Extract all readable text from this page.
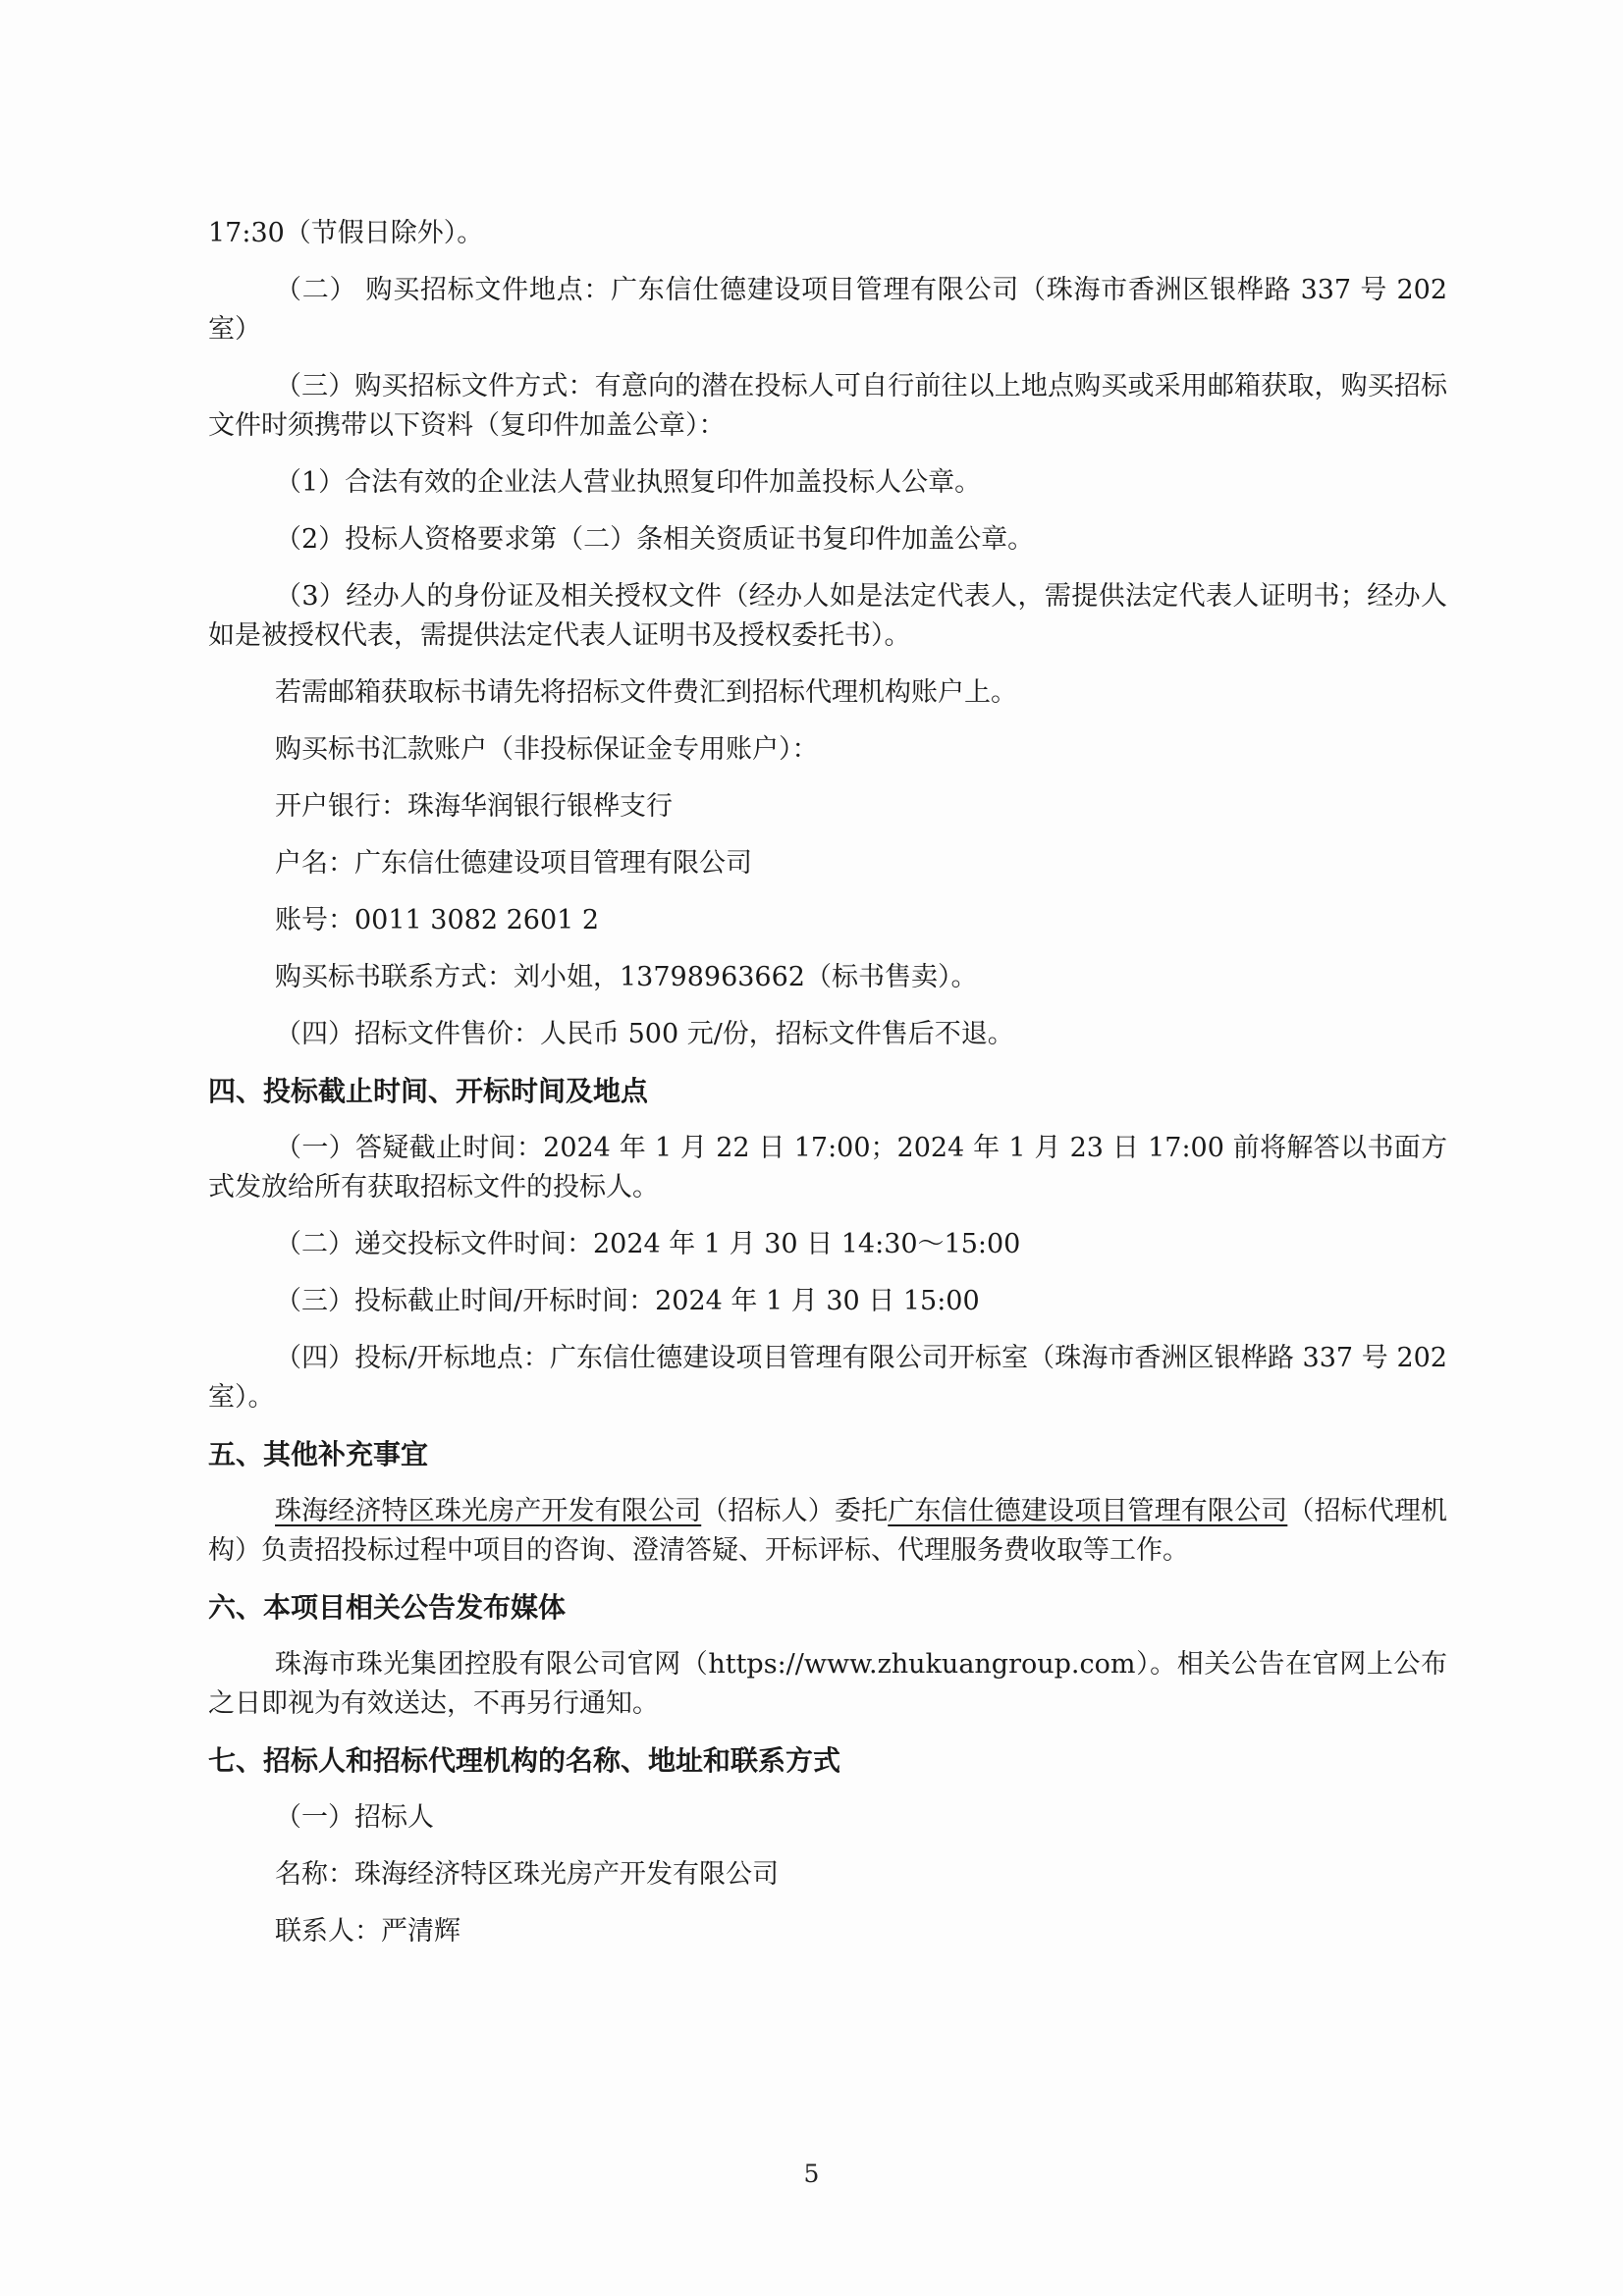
17:30（节假日除外）。

（二） 购买招标文件地点：广东信仕德建设项目管理有限公司（珠海市香洲区银桦路 337 号 202室）

（三）购买招标文件方式：有意向的潜在投标人可自行前往以上地点购买或采用邮箱获取，购买招标文件时须携带以下资料（复印件加盖公章）：

（1）合法有效的企业法人营业执照复印件加盖投标人公章。

（2）投标人资格要求第（二）条相关资质证书复印件加盖公章。

（3）经办人的身份证及相关授权文件（经办人如是法定代表人，需提供法定代表人证明书；经办人如是被授权代表，需提供法定代表人证明书及授权委托书）。

若需邮箱获取标书请先将招标文件费汇到招标代理机构账户上。

购买标书汇款账户（非投标保证金专用账户）：

开户银行：珠海华润银行银桦支行

户名：广东信仕德建设项目管理有限公司

账号：0011 3082 2601 2

购买标书联系方式：刘小姐，13798963662（标书售卖）。

（四）招标文件售价：人民币 500 元/份，招标文件售后不退。

四、投标截止时间、开标时间及地点

（一）答疑截止时间：2024 年 1 月 22 日 17:00；2024 年 1 月 23 日 17:00 前将解答以书面方式发放给所有获取招标文件的投标人。

（二）递交投标文件时间：2024 年 1 月 30 日 14:30～15:00

（三）投标截止时间/开标时间：2024 年 1 月 30 日 15:00

（四）投标/开标地点：广东信仕德建设项目管理有限公司开标室（珠海市香洲区银桦路 337 号 202 室）。

五、其他补充事宜

珠海经济特区珠光房产开发有限公司（招标人）委托广东信仕德建设项目管理有限公司（招标代理机构）负责招投标过程中项目的咨询、澄清答疑、开标评标、代理服务费收取等工作。

六、本项目相关公告发布媒体

珠海市珠光集团控股有限公司官网（https://www.zhukuangroup.com）。相关公告在官网上公布之日即视为有效送达，不再另行通知。

七、招标人和招标代理机构的名称、地址和联系方式

（一）招标人

名称：珠海经济特区珠光房产开发有限公司

联系人：严清辉

5
